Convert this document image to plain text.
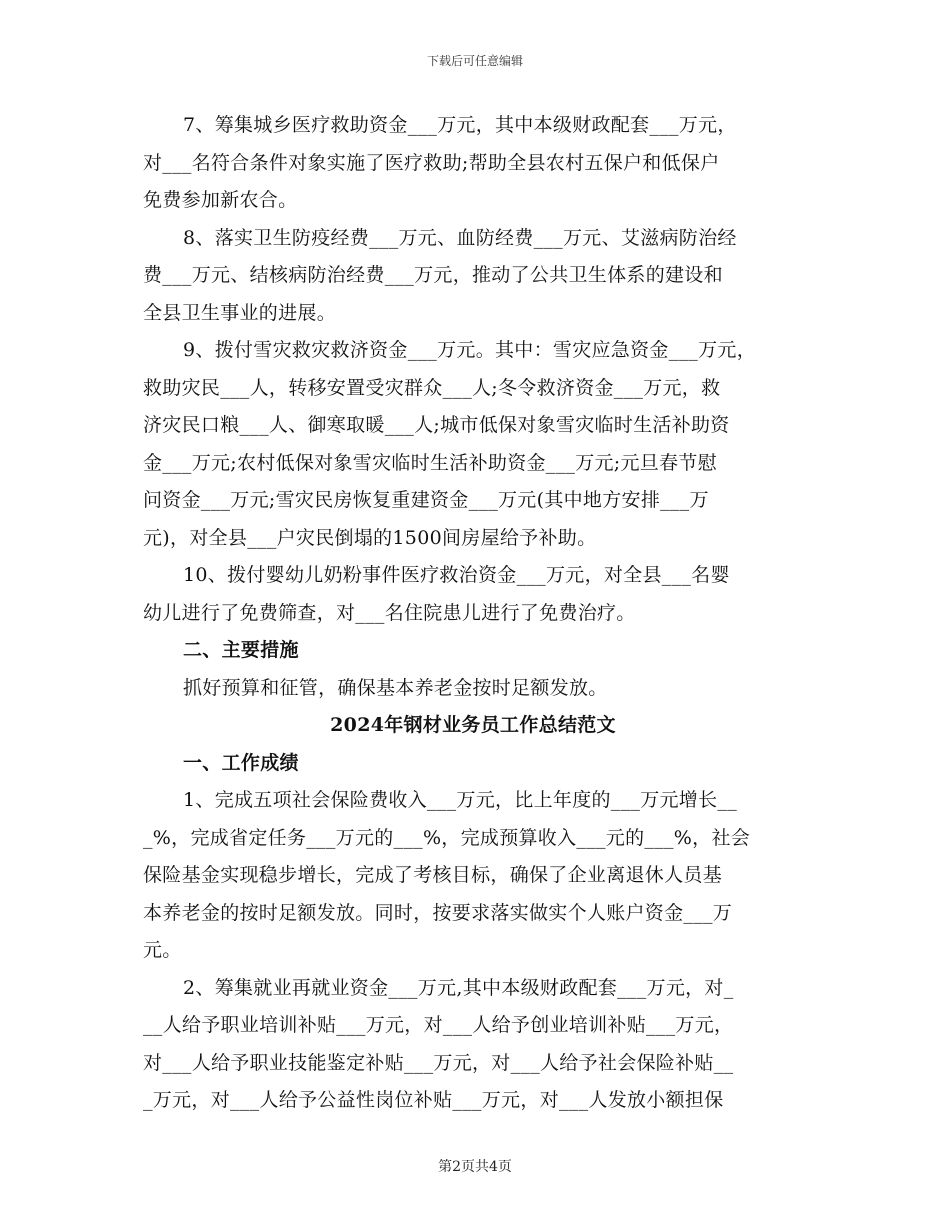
下载后可任意编辑
7、筹集城乡医疗救助资金___万元，其中本级财政配套___万元，
对___名符合条件对象实施了医疗救助;帮助全县农村五保户和低保户
免费参加新农合。
8、落实卫生防疫经费___万元、血防经费___万元、艾滋病防治经
费___万元、结核病防治经费___万元，推动了公共卫生体系的建设和
全县卫生事业的进展。
9、拨付雪灾救灾救济资金___万元。其中：雪灾应急资金___万元，
救助灾民___人，转移安置受灾群众___人;冬令救济资金___万元，救
济灾民口粮___人、御寒取暖___人;城市低保对象雪灾临时生活补助资
金___万元;农村低保对象雪灾临时生活补助资金___万元;元旦春节慰
问资金___万元;雪灾民房恢复重建资金___万元(其中地方安排___万
元)，对全县___户灾民倒塌的1500间房屋给予补助。
10、拨付婴幼儿奶粉事件医疗救治资金___万元，对全县___名婴
幼儿进行了免费筛查，对___名住院患儿进行了免费治疗。
二、主要措施
抓好预算和征管，确保基本养老金按时足额发放。
2024年钢材业务员工作总结范文
一、工作成绩
1、完成五项社会保险费收入___万元，比上年度的___万元增长__
_%，完成省定任务___万元的___%，完成预算收入___元的___%，社会
保险基金实现稳步增长，完成了考核目标，确保了企业离退休人员基
本养老金的按时足额发放。同时，按要求落实做实个人账户资金___万
元。
2、筹集就业再就业资金___万元,其中本级财政配套___万元，对_
__人给予职业培训补贴___万元，对___人给予创业培训补贴___万元，
对___人给予职业技能鉴定补贴___万元，对___人给予社会保险补贴__
_万元，对___人给予公益性岗位补贴___万元，对___人发放小额担保
第2页共4页
